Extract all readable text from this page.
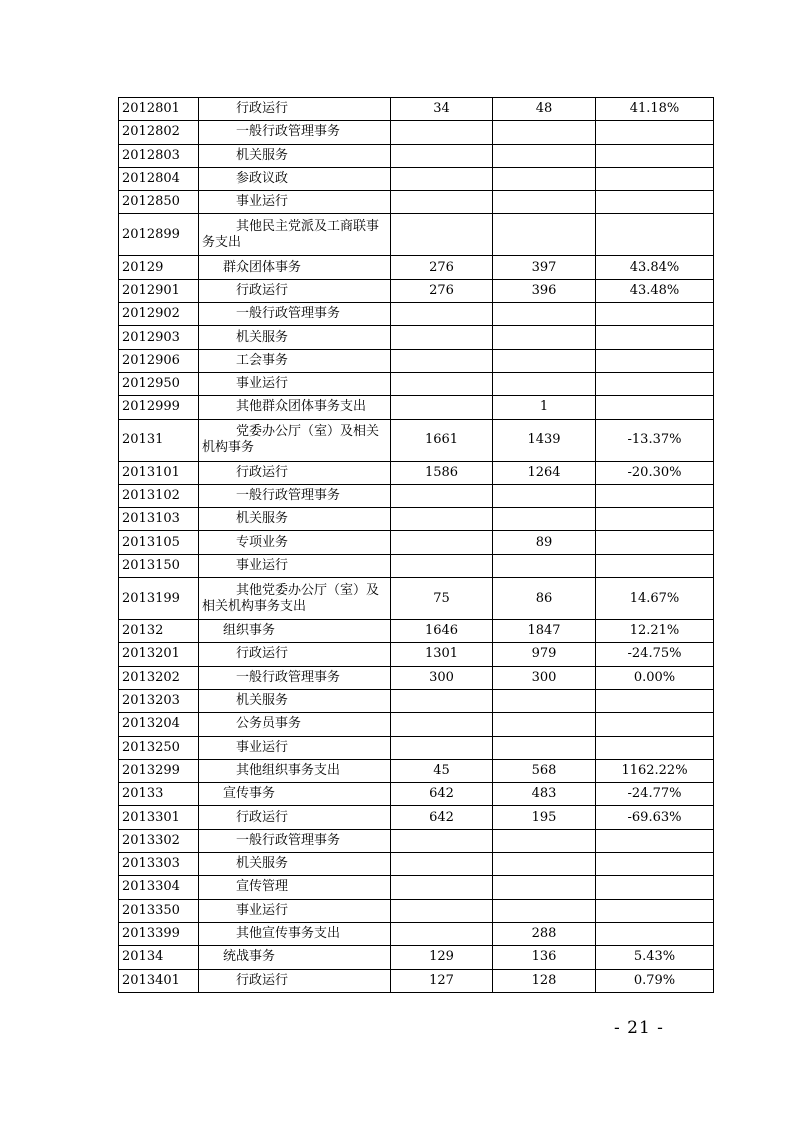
2012801	行政运行	34	48	41.18%
2012802	一般行政管理事务			
2012803	机关服务			
2012804	参政议政			
2012850	事业运行			
2012899	其他民主党派及工商联事务支出			
20129	群众团体事务	276	397	43.84%
2012901	行政运行	276	396	43.48%
2012902	一般行政管理事务			
2012903	机关服务			
2012906	工会事务			
2012950	事业运行			
2012999	其他群众团体事务支出		1	
20131	党委办公厅（室）及相关机构事务	1661	1439	-13.37%
2013101	行政运行	1586	1264	-20.30%
2013102	一般行政管理事务			
2013103	机关服务			
2013105	专项业务		89	
2013150	事业运行			
2013199	其他党委办公厅（室）及相关机构事务支出	75	86	14.67%
20132	组织事务	1646	1847	12.21%
2013201	行政运行	1301	979	-24.75%
2013202	一般行政管理事务	300	300	0.00%
2013203	机关服务			
2013204	公务员事务			
2013250	事业运行			
2013299	其他组织事务支出	45	568	1162.22%
20133	宣传事务	642	483	-24.77%
2013301	行政运行	642	195	-69.63%
2013302	一般行政管理事务			
2013303	机关服务			
2013304	宣传管理			
2013350	事业运行			
2013399	其他宣传事务支出		288	
20134	统战事务	129	136	5.43%
2013401	行政运行	127	128	0.79%
- 21 -
